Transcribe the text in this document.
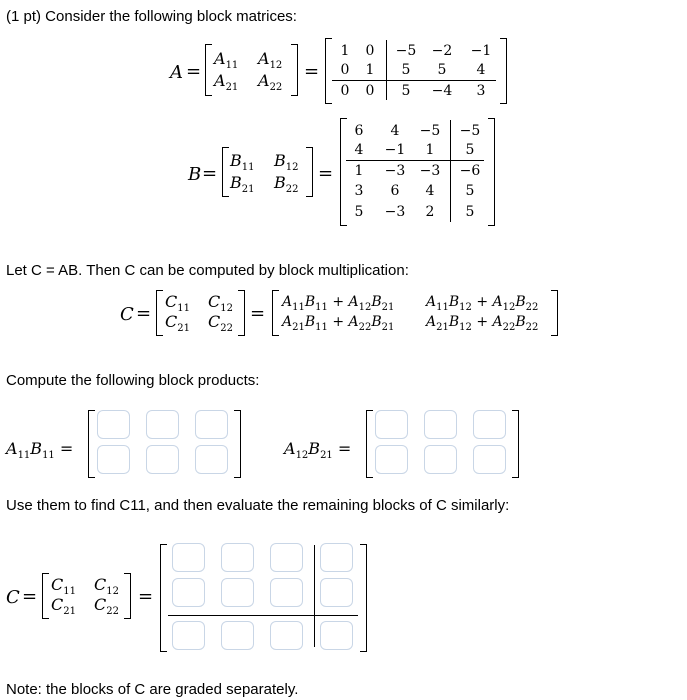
(1 pt) Consider the following block matrices:
A =
$A_{11}$ $A_{12}$
$A_{21}$ $A_{22}$
=
1	0	−5	−2	−1
0	1	5	5	4
0	0	5	−4	3
B =
$B_{11}$ $B_{12}$
$B_{21}$ $B_{22}$
=
6	4	−5	−5
4	−1	1	5
1	−3	−3	−6
3	6	4	5
5	−3	2	5
Let C = AB. Then C can be computed by block multiplication:
C =
$C_{11}$ $C_{12}$
$C_{21}$ $C_{22}$
=
$A_{11}B_{11} + A_{12}B_{21}$ $A_{11}B_{12} + A_{12}B_{22}$
$A_{21}B_{11} + A_{22}B_{21}$ $A_{21}B_{12} + A_{22}B_{22}$
Compute the following block products:
$A_{11}B_{11}$ =	$A_{12}B_{21}$ =
Use them to find C11, and then evaluate the remaining blocks of C similarly:
C =
$C_{11}$ $C_{12}$
$C_{21}$ $C_{22}$
=
Note: the blocks of C are graded separately.
